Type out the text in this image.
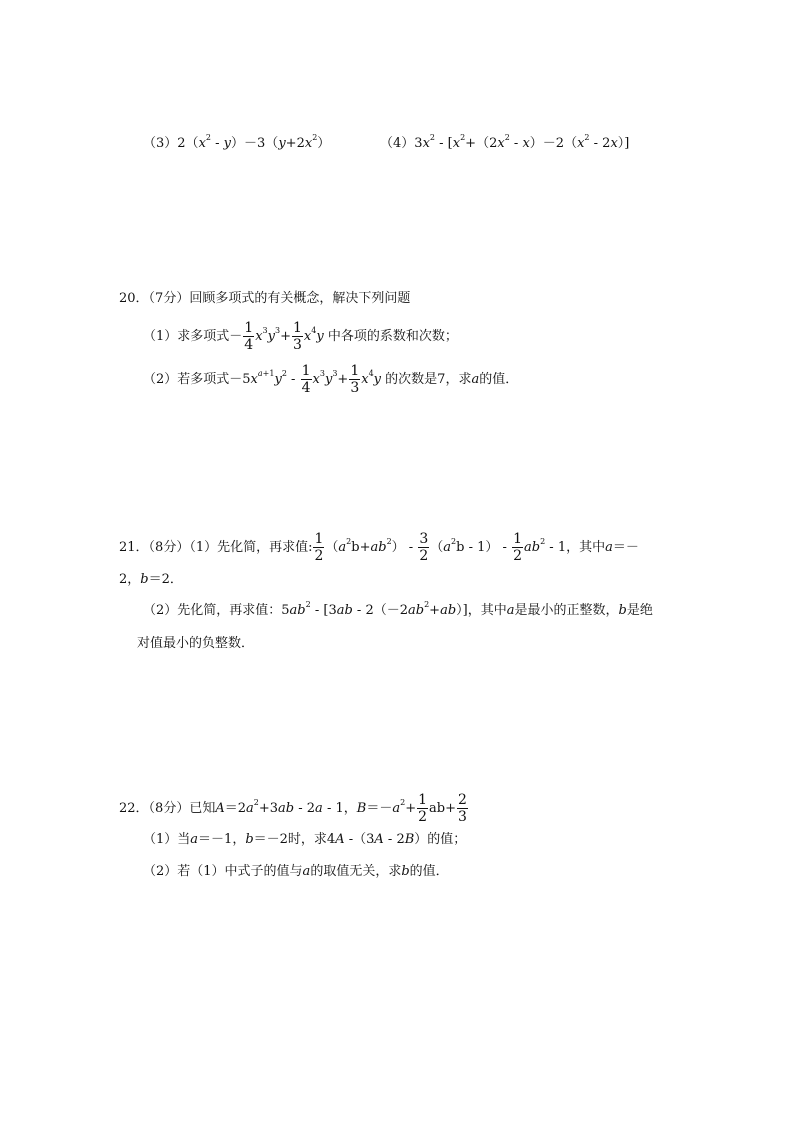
$(3)2(x^2 - y)-3(y+2x^2)$	$(4)3x^2 - [x^2+(2x^2 - x)-2(x^2 - 2x)]$
20．（7分）回顾多项式的有关概念，解决下列问题
（1）求多项式－ $\frac{1}{4} x^3y^3+ \frac{1}{3} x^4y$ 中各项的系数和次数；
（2）若多项式$-5x^{a+1}y^2 - \frac{1}{4} x^3y^3+ \frac{1}{3} x^4y$ 的次数是7，求a的值．
21．（8分）（1）先化简，再求值: $\frac{1}{2} (a^2b+ab^2) - \frac{3}{2} (a^2b - 1) - \frac{1}{2} ab^2 - 1$，其中a＝－
2，b＝2．
（2）先化简，再求值：$5ab^2 - [3ab - 2(-2ab^2+ab)]$，其中a是最小的正整数，b是绝
对值最小的负整数．
22．（8分）已知$A=2a^2+3ab - 2a - 1$，$B=-a^2+ \frac{1}{2} ab+ \frac{2}{3}$
（1）当a＝－1，b＝－2时，求4A -（3A - 2B）的值；
（2）若（1）中式子的值与a的取值无关，求b的值．
